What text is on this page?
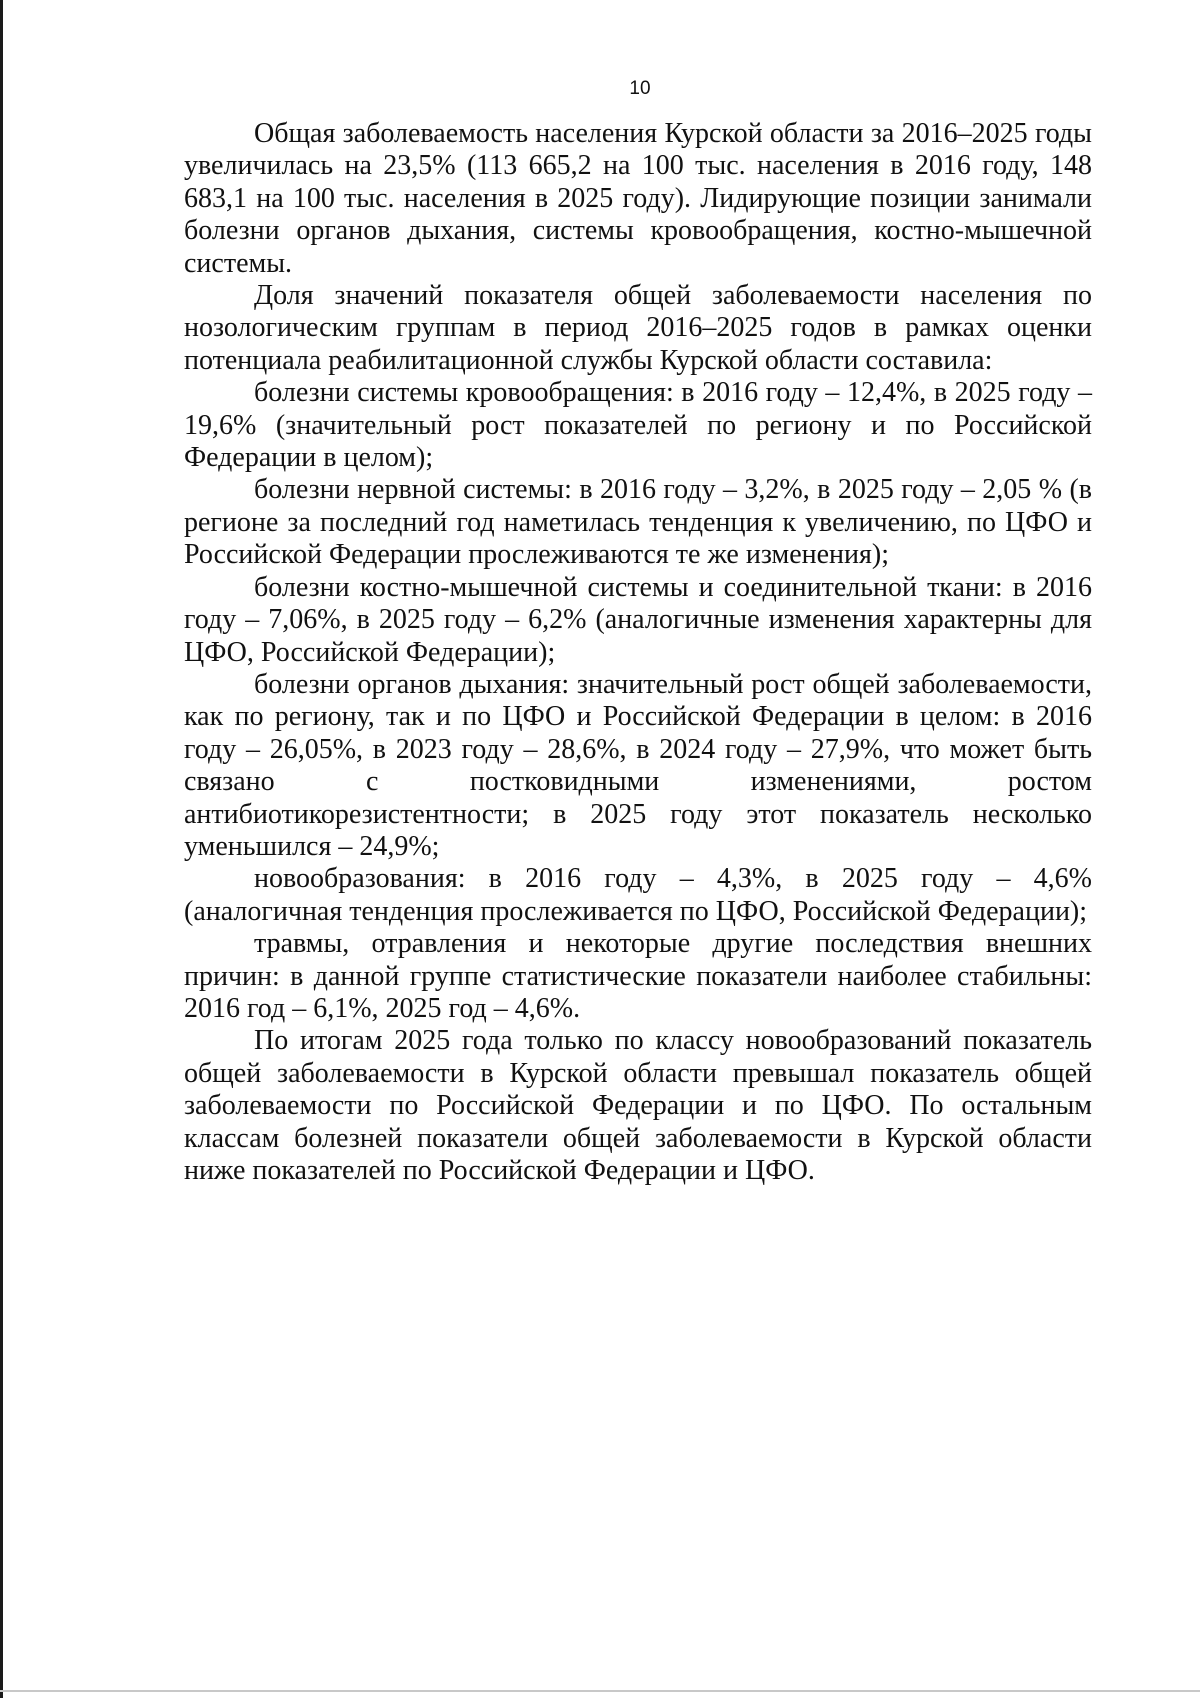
10

Общая заболеваемость населения Курской области за 2016–2025 годы увеличилась на 23,5% (113 665,2 на 100 тыс. населения в 2016 году, 148 683,1 на 100 тыс. населения в 2025 году). Лидирующие позиции занимали болезни органов дыхания, системы кровообращения, костно-мышечной системы.

Доля значений показателя общей заболеваемости населения по нозологическим группам в период 2016–2025 годов в рамках оценки потенциала реабилитационной службы Курской области составила:

болезни системы кровообращения: в 2016 году – 12,4%, в 2025 году – 19,6% (значительный рост показателей по региону и по Российской Федерации в целом);

болезни нервной системы: в 2016 году – 3,2%, в 2025 году – 2,05 % (в регионе за последний год наметилась тенденция к увеличению, по ЦФО и Российской Федерации прослеживаются те же изменения);

болезни костно-мышечной системы и соединительной ткани: в 2016 году – 7,06%, в 2025 году – 6,2% (аналогичные изменения характерны для ЦФО, Российской Федерации);

болезни органов дыхания: значительный рост общей заболеваемости, как по региону, так и по ЦФО и Российской Федерации в целом: в 2016 году – 26,05%, в 2023 году – 28,6%, в 2024 году – 27,9%, что может быть связано с постковидными изменениями, ростом антибиотикорезистентности; в 2025 году этот показатель несколько уменьшился – 24,9%;

новообразования: в 2016 году – 4,3%, в 2025 году – 4,6% (аналогичная тенденция прослеживается по ЦФО, Российской Федерации);

травмы, отравления и некоторые другие последствия внешних причин: в данной группе статистические показатели наиболее стабильны: 2016 год – 6,1%, 2025 год – 4,6%.

По итогам 2025 года только по классу новообразований показатель общей заболеваемости в Курской области превышал показатель общей заболеваемости по Российской Федерации и по ЦФО. По остальным классам болезней показатели общей заболеваемости в Курской области ниже показателей по Российской Федерации и ЦФО.
